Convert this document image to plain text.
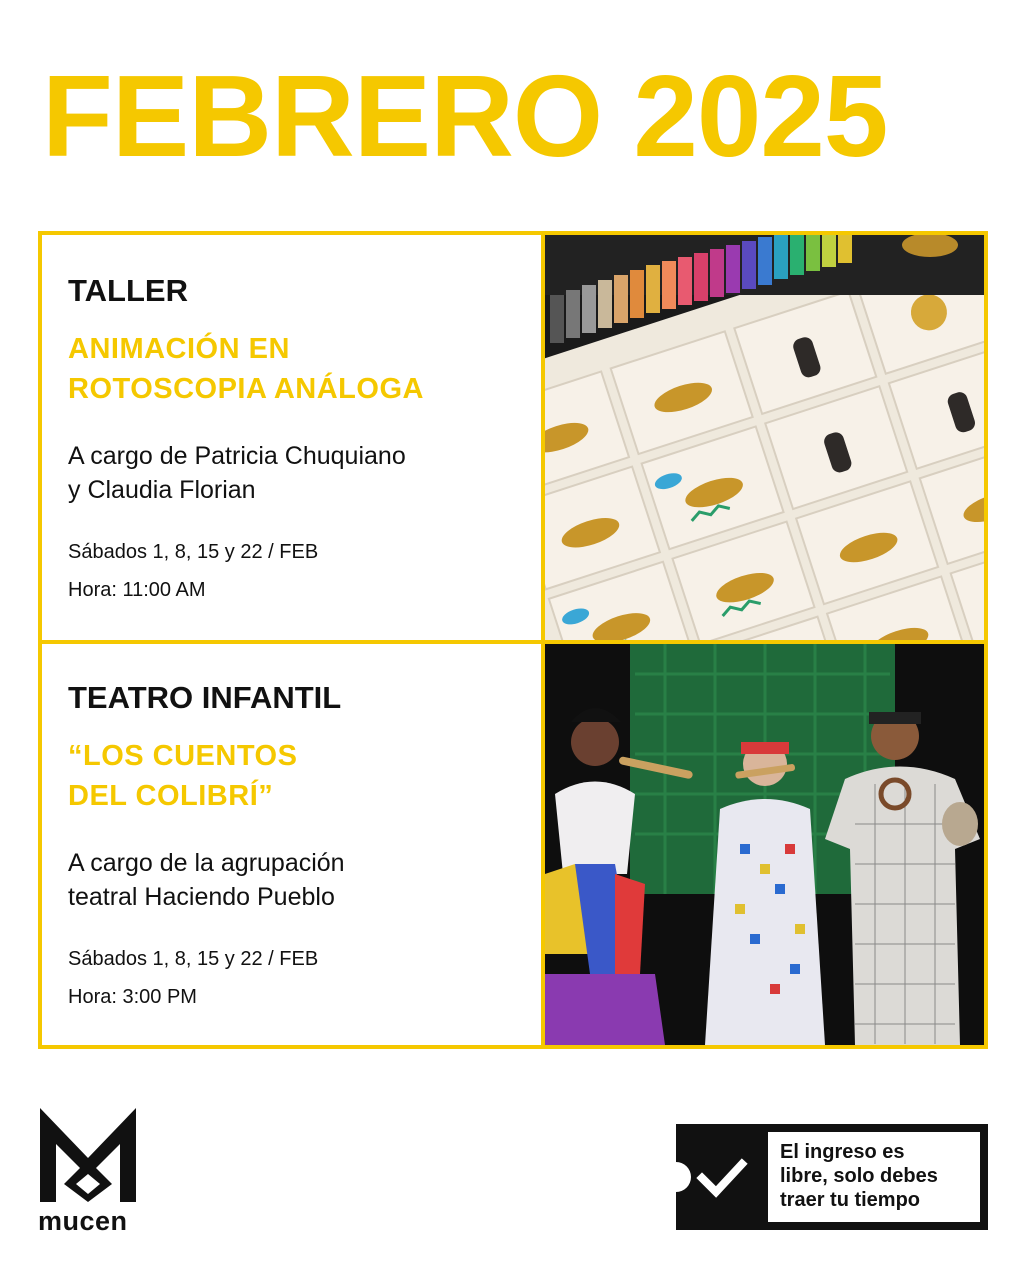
FEBRERO 2025
TALLER
ANIMACIÓN EN
ROTOSCOPIA ANÁLOGA
A cargo de Patricia Chuquiano
y Claudia Florian
Sábados 1, 8, 15 y 22 / FEB
Hora: 11:00 AM
TEATRO INFANTIL
“LOS CUENTOS
DEL COLIBRÍ”
A cargo de la agrupación
teatral Haciendo Pueblo
Sábados 1, 8, 15 y 22 / FEB
Hora: 3:00 PM
mucen
El ingreso es
libre, solo debes
traer tu tiempo
